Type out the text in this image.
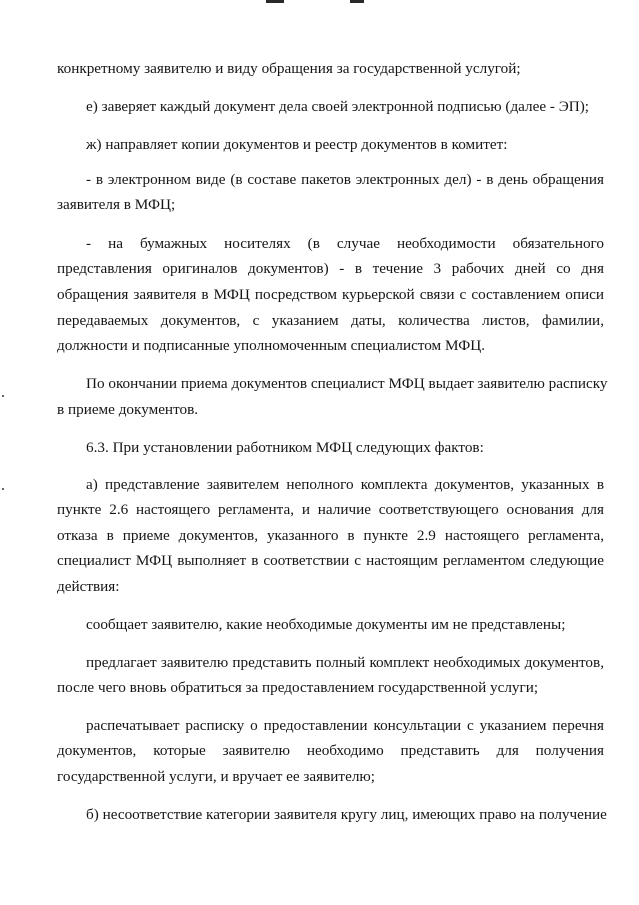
конкретному заявителю и виду обращения за государственной услугой;
е) заверяет каждый документ дела своей электронной подписью (далее - ЭП);
ж) направляет копии документов и реестр документов в комитет:
- в электронном виде (в составе пакетов электронных дел) - в день обращения
заявителя в МФЦ;
- на бумажных носителях (в случае необходимости обязательного
представления оригиналов документов) - в течение 3 рабочих дней со дня
обращения заявителя в МФЦ посредством курьерской связи с составлением описи
передаваемых документов, с указанием даты, количества листов, фамилии,
должности и подписанные уполномоченным специалистом МФЦ.
По окончании приема документов специалист МФЦ выдает заявителю расписку
в приеме документов.
6.3. При установлении работником МФЦ следующих фактов:
а) представление заявителем неполного комплекта документов, указанных в
пункте 2.6 настоящего регламента, и наличие соответствующего основания для
отказа в приеме документов, указанного в пункте 2.9 настоящего регламента,
специалист МФЦ выполняет в соответствии с настоящим регламентом следующие
действия:
сообщает заявителю, какие необходимые документы им не представлены;
предлагает заявителю представить полный комплект необходимых документов,
после чего вновь обратиться за предоставлением государственной услуги;
распечатывает расписку о предоставлении консультации с указанием перечня
документов, которые заявителю необходимо представить для получения
государственной услуги, и вручает ее заявителю;
б) несоответствие категории заявителя кругу лиц, имеющих право на получение
